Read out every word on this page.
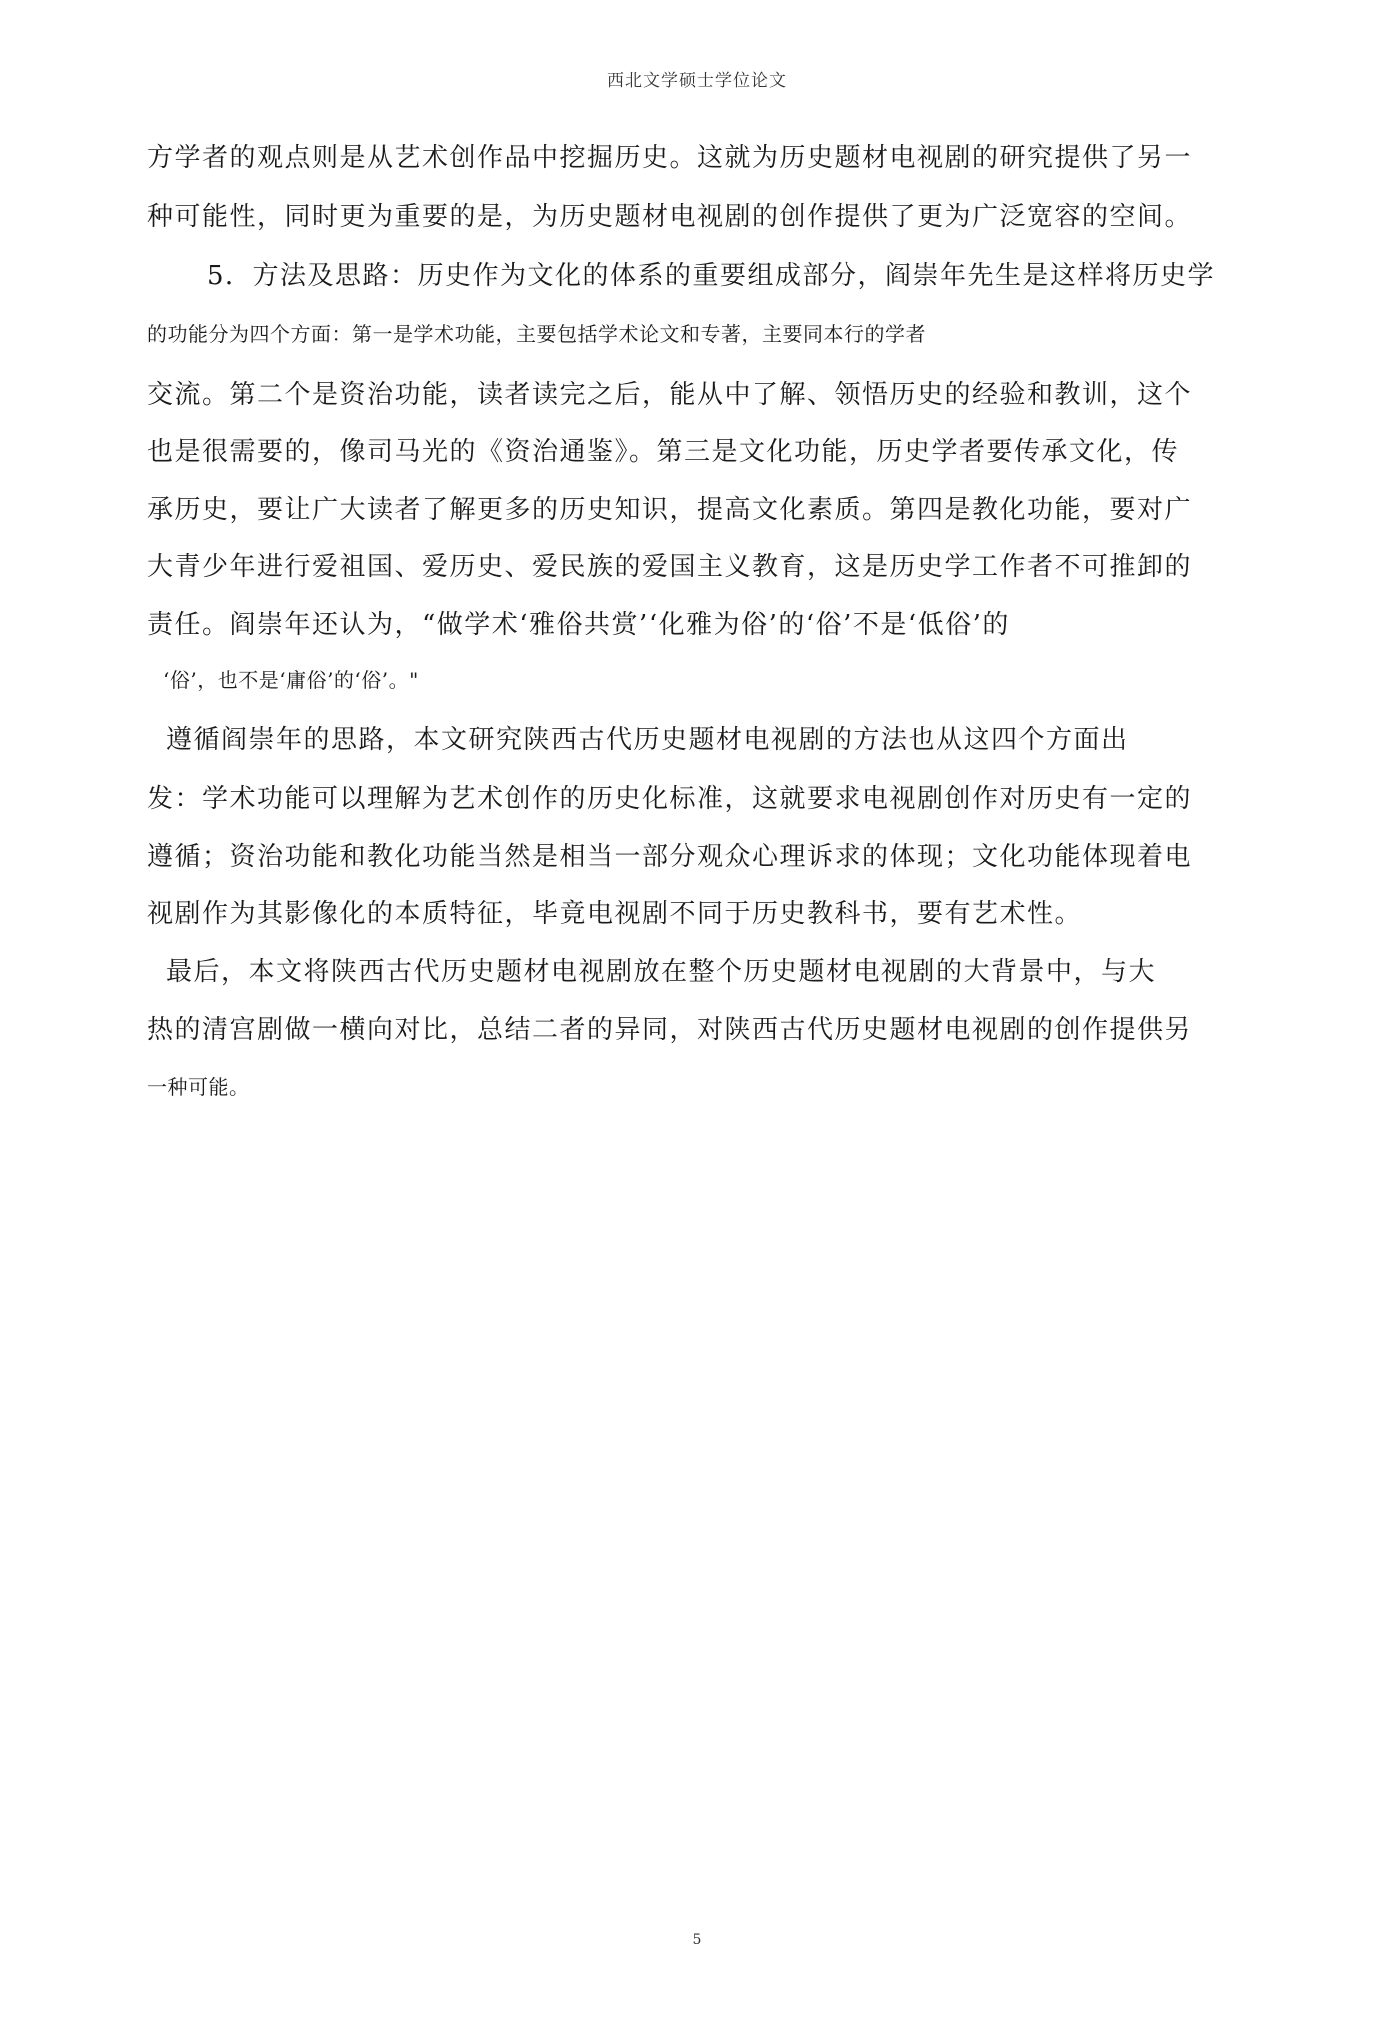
西北文学硕士学位论文
方学者的观点则是从艺术创作品中挖掘历史。这就为历史题材电视剧的研究提供了另一
种可能性，同时更为重要的是，为历史题材电视剧的创作提供了更为广泛宽容的空间。
5．方法及思路：历史作为文化的体系的重要组成部分，阎崇年先生是这样将历史学
的功能分为四个方面：第一是学术功能，主要包括学术论文和专著，主要同本行的学者
交流。第二个是资治功能，读者读完之后，能从中了解、领悟历史的经验和教训，这个
也是很需要的，像司马光的《资治通鉴》。第三是文化功能，历史学者要传承文化，传
承历史，要让广大读者了解更多的历史知识，提高文化素质。第四是教化功能，要对广
大青少年进行爱祖国、爱历史、爱民族的爱国主义教育，这是历史学工作者不可推卸的
责任。阎崇年还认为，“做学术‘雅俗共赏’‘化雅为俗’的‘俗’不是‘低俗’的
‘俗’，也不是‘庸俗’的‘俗’。"
遵循阎崇年的思路，本文研究陕西古代历史题材电视剧的方法也从这四个方面出
发：学术功能可以理解为艺术创作的历史化标准，这就要求电视剧创作对历史有一定的
遵循；资治功能和教化功能当然是相当一部分观众心理诉求的体现；文化功能体现着电
视剧作为其影像化的本质特征，毕竟电视剧不同于历史教科书，要有艺术性。
最后，本文将陕西古代历史题材电视剧放在整个历史题材电视剧的大背景中，与大
热的清宫剧做一横向对比，总结二者的异同，对陕西古代历史题材电视剧的创作提供另
一种可能。
5
